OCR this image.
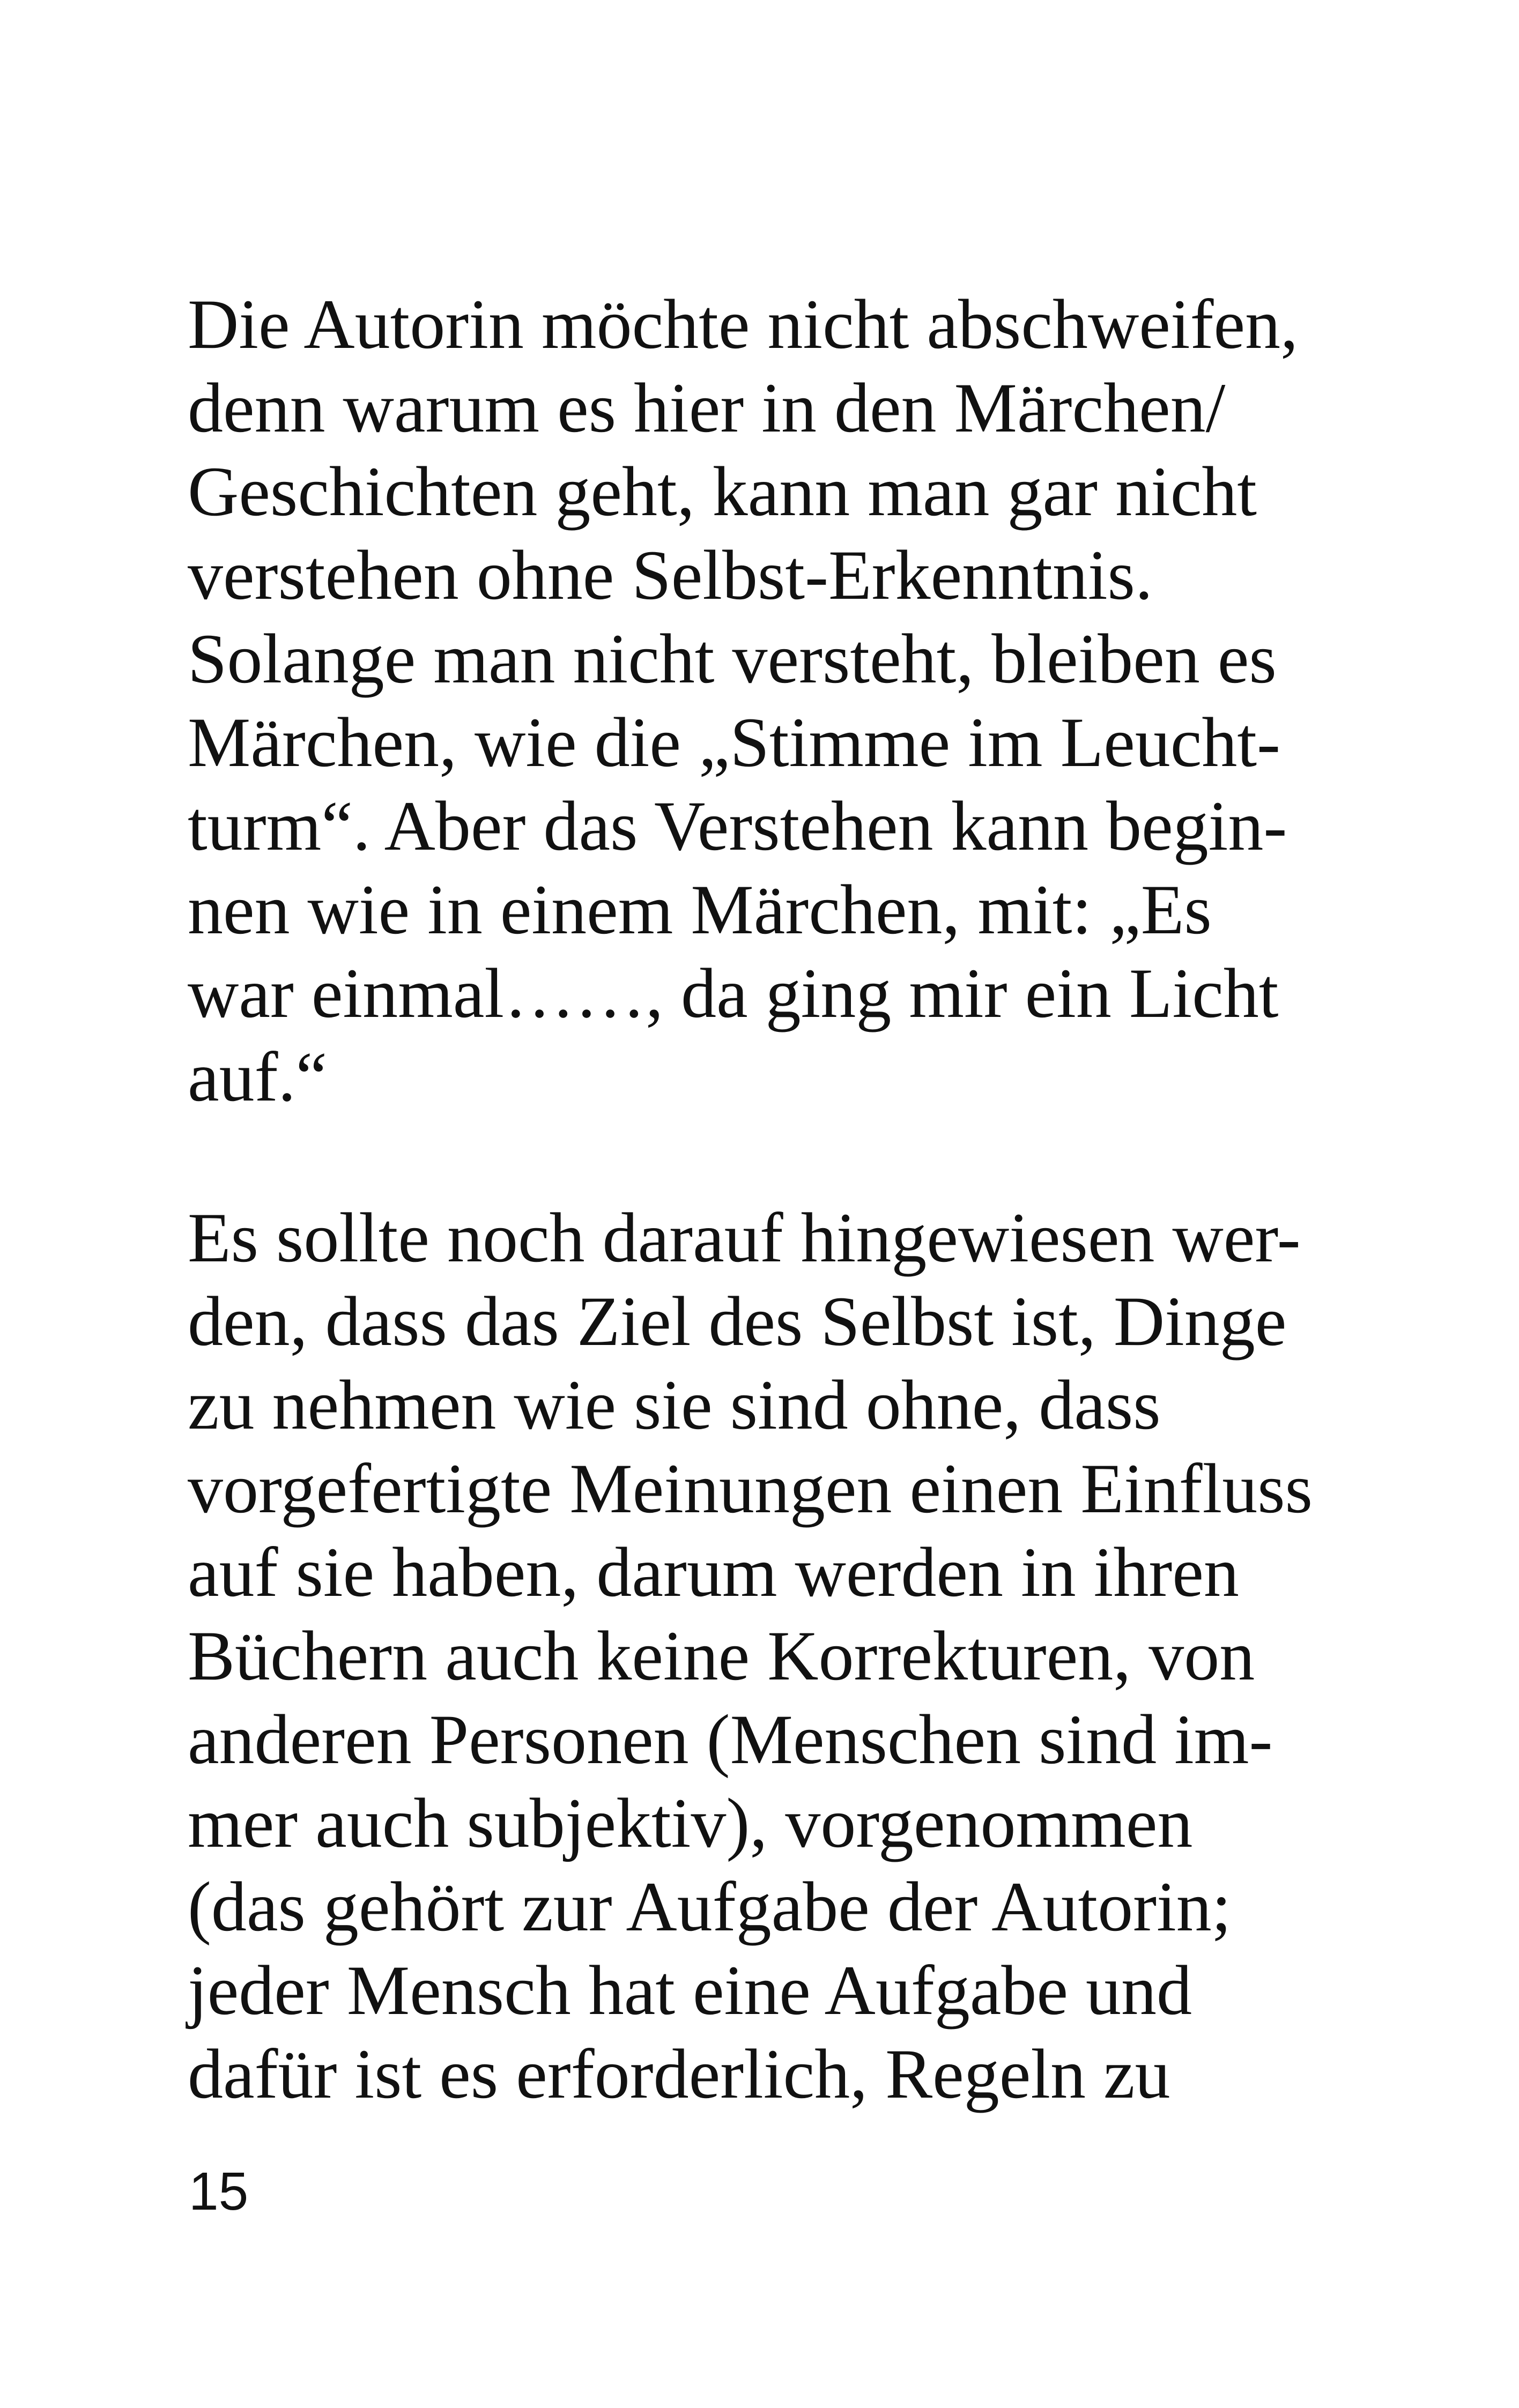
Die Autorin möchte nicht abschweifen,
denn warum es hier in den Märchen/
Geschichten geht, kann man gar nicht
verstehen ohne Selbst-Erkenntnis.
Solange man nicht versteht, bleiben es
Märchen, wie die „Stimme im Leucht-
turm“. Aber das Verstehen kann begin-
nen wie in einem Märchen, mit: „Es
war einmal……, da ging mir ein Licht
auf.“
Es sollte noch darauf hingewiesen wer-
den, dass das Ziel des Selbst ist, Dinge
zu nehmen wie sie sind ohne, dass
vorgefertigte Meinungen einen Einfluss
auf sie haben, darum werden in ihren
Büchern auch keine Korrekturen, von
anderen Personen (Menschen sind im-
mer auch subjektiv), vorgenommen
(das gehört zur Aufgabe der Autorin;
jeder Mensch hat eine Aufgabe und
dafür ist es erforderlich, Regeln zu
15
